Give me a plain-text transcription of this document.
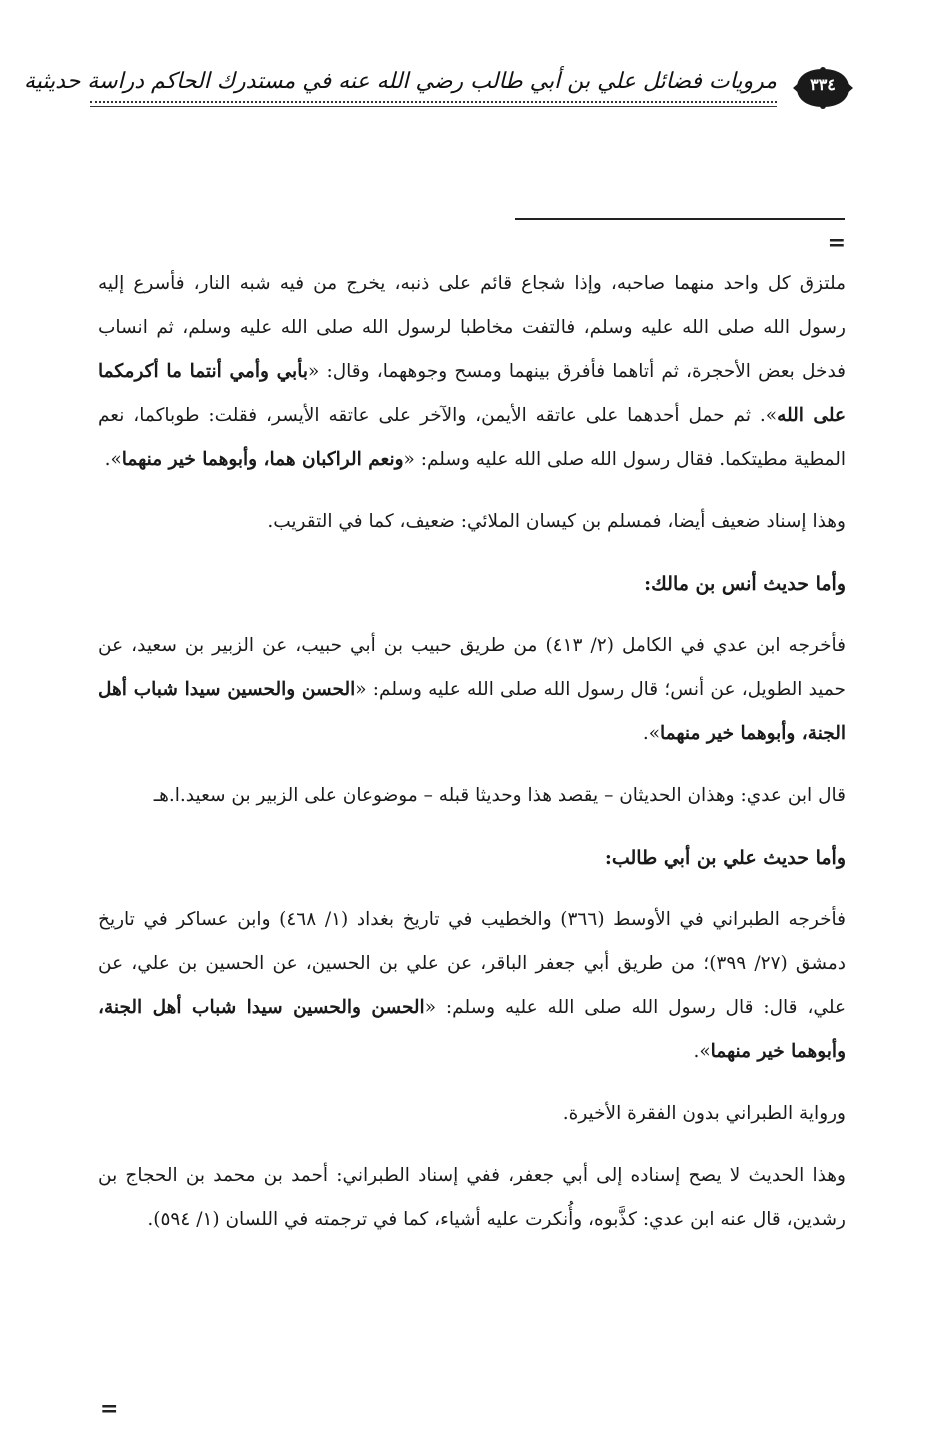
٣٣٤
مرويات فضائل علي بن أبي طالب رضي الله عنه في مستدرك الحاكم دراسة حديثية
=

ملتزق كل واحد منهما صاحبه، وإذا شجاع قائم على ذنبه، يخرج من فيه شبه النار، فأسرع إليه رسول الله صلى الله عليه وسلم، فالتفت مخاطبا لرسول الله صلى الله عليه وسلم، ثم انساب فدخل بعض الأحجرة، ثم أتاهما فأفرق بينهما ومسح وجوههما، وقال: «بأبي وأمي أنتما ما أكرمكما على الله». ثم حمل أحدهما على عاتقه الأيمن، والآخر على عاتقه الأيسر، فقلت: طوباكما، نعم المطية مطيتكما. فقال رسول الله صلى الله عليه وسلم: «ونعم الراكبان هما، وأبوهما خير منهما».

وهذا إسناد ضعيف أيضا، فمسلم بن كيسان الملائي: ضعيف، كما في التقريب.

وأما حديث أنس بن مالك:

فأخرجه ابن عدي في الكامل (٢/ ٤١٣) من طريق حبيب بن أبي حبيب، عن الزبير بن سعيد، عن حميد الطويل، عن أنس؛ قال رسول الله صلى الله عليه وسلم: «الحسن والحسين سيدا شباب أهل الجنة، وأبوهما خير منهما».

قال ابن عدي: وهذان الحديثان – يقصد هذا وحديثا قبله – موضوعان على الزبير بن سعيد.ا.هـ

وأما حديث علي بن أبي طالب:

فأخرجه الطبراني في الأوسط (٣٦٦) والخطيب في تاريخ بغداد (١/ ٤٦٨) وابن عساكر في تاريخ دمشق (٢٧/ ٣٩٩)؛ من طريق أبي جعفر الباقر، عن علي بن الحسين، عن الحسين بن علي، عن علي، قال: قال رسول الله صلى الله عليه وسلم: «الحسن والحسين سيدا شباب أهل الجنة، وأبوهما خير منهما».

ورواية الطبراني بدون الفقرة الأخيرة.

وهذا الحديث لا يصح إسناده إلى أبي جعفر، ففي إسناد الطبراني: أحمد بن محمد بن الحجاج بن رشدين، قال عنه ابن عدي: كذَّبوه، وأُنكرت عليه أشياء، كما في ترجمته في اللسان (١/ ٥٩٤).

=
